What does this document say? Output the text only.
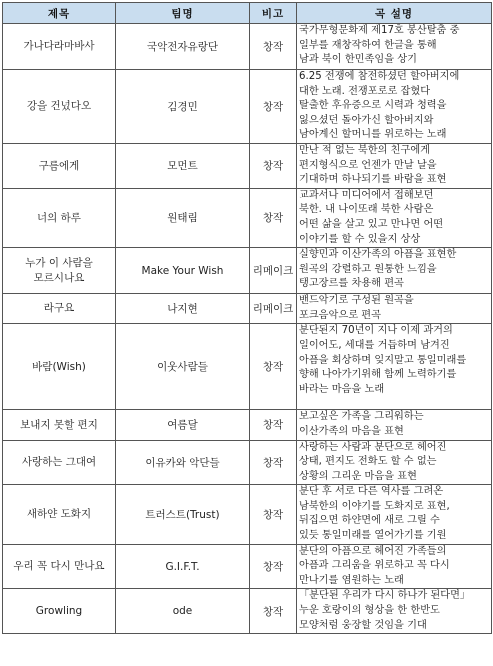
제목	팀명	비고	곡 설명

가나다라마바사	국악전자유랑단	창작	국가무형문화제 제17호 봉산탈춤 중
일부를 재창작하여 한글을 통해
남과 북이 한민족임을 상기

강을 건넜다오	김경민	창작	6.25 전쟁에 참전하셨던 할아버지에
대한 노래. 전쟁포로로 잡혔다
탈출한 후유증으로 시력과 청력을
잃으셨던 돌아가신 할아버지와
남아계신 할머니를 위로하는 노래

구름에게	모먼트	창작	만난 적 없는 북한의 친구에게
편지형식으로 언젠가 만날 날을
기대하며 하나되기를 바람을 표현

너의 하루	원태림	창작	교과서나 미디어에서 접해보던
북한. 내 나이또래 북한 사람은
어떤 삶을 살고 있고 만나면 어떤
이야기를 할 수 있을지 상상

누가 이 사람을
모르시나요	Make Your Wish	리메이크	실향민과 이산가족의 아픔을 표현한
원곡의 강렬하고 원통한 느낌을
탱고장르를 차용해 편곡

라구요	나지현	리메이크	밴드악기로 구성된 원곡을
포크음악으로 편곡

바람(Wish)	이웃사람들	창작	분단된지 70년이 지나 이제 과거의
일이어도, 세대를 거듭하며 남겨진
아픔을 회상하며 잊지말고 통일미래를
향해 나아가기위해 함께 노력하기를
바라는 마음을 노래

보내지 못할 편지	여름달	창작	보고싶은 가족을 그리워하는
이산가족의 마음을 표현

사랑하는 그대여	이유카와 악단들	창작	사랑하는 사람과 분단으로 헤어진
상태, 편지도 전화도 할 수 없는
상황의 그리운 마음을 표현

새하얀 도화지	트러스트(Trust)	창작	분단 후 서로 다른 역사를 그려온
남북한의 이야기를 도화지로 표현,
뒤집으면 하얀면에 새로 그릴 수
있듯 통일미래를 열어가기를 기원

우리 꼭 다시 만나요	G.I.F.T.	창작	분단의 아픔으로 헤어진 가족들의
아픔과 그리움을 위로하고 꼭 다시
만나기를 염원하는 노래

Growling	ode	창작	「분단된 우리가 다시 하나가 된다면」
누운 호랑이의 형상을 한 한반도
모양처럼 웅장할 것임을 기대
